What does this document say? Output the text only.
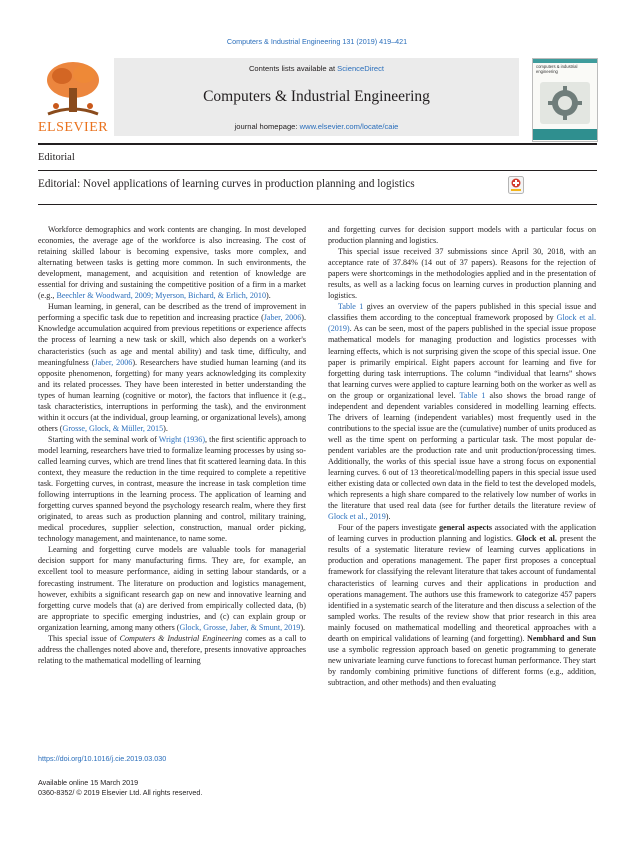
Computers & Industrial Engineering 131 (2019) 419–421
ELSEVIER
Contents lists available at ScienceDirect
Computers & Industrial Engineering
journal homepage: www.elsevier.com/locate/caie
computers & industrial engineering
Editorial
Editorial: Novel applications of learning curves in production planning and logistics

Workforce demographics and work contents are changing. In most developed economies, the average age of the workforce is also increasing. The cost of retaining skilled labour is becoming expensive, tasks more complex, and alternating between tasks is getting more common. In such environments, the development, management, and acquisition and retention of knowledge are essential for driving and sustaining the competitive position of a firm in a market (e.g., Beechler & Woodward, 2009; Myerson, Bichard, & Erlich, 2010).

Human learning, in general, can be described as the trend of improvement in performing a specific task due to repetition and increasing practice (Jaber, 2006). Knowledge accumulation acquired from previous repetitions or experience affects the process of learning a new task or skill, which also depends on a worker's characteristics (such as age and mental ability) and task time, difficulty, and meaningfulness (Jaber, 2006). Researchers have studied human learning (and its opposite phenomenon, forgetting) for many years acknowledging its complexity and its related processes. They have been interested in better understanding the types of human learning (cognitive or motor), the factors that influence it (e.g., task characteristics, interruptions in performing the task), and the environment within it occurs (at the individual, group learning, or organizational levels), among others (Grosse, Glock, & Müller, 2015).

Starting with the seminal work of Wright (1936), the first scientific approach to model learning, researchers have tried to formalize learning processes by using so-called learning curves, which are trend lines that fit scattered learning data. In this context, they measure the reduction in the time required to complete a repetitive task. Forgetting curves, in contrast, measure the increase in task completion time following interruptions in the learning process. The application of learning and forgetting curves spanned beyond the psychology research realm, where they first originated, to areas such as production planning and control, military training, medical procedures, supplier selection, construction, manual order picking, technology management, and maintenance, to name some.

Learning and forgetting curve models are valuable tools for managerial decision support for many manufacturing firms. They are, for example, an excellent tool to measure performance, aiding in setting labour standards, or a forecasting instrument. The literature on production and logistics management, however, exhibits a significant research gap on new and innovative learning and forgetting curve models that (a) are derived from empirically collected data, (b) are appropriate to specific emerging industries, and (c) can explain group or organization learning, among many others (Glock, Grosse, Jaber, & Smunt, 2019).

This special issue of Computers & Industrial Engineering comes as a call to address the challenges noted above and, therefore, presents innovative approaches relating to the mathematical modelling of learning

and forgetting curves for decision support models with a particular focus on production planning and logistics.

This special issue received 37 submissions since April 30, 2018, with an acceptance rate of 37.84% (14 out of 37 papers). Reasons for the rejection of papers were shortcomings in the methodologies applied and in the presentation of results, as well as a lacking focus on learning curves in production planning and logistics.

Table 1 gives an overview of the papers published in this special issue and classifies them according to the conceptual framework proposed by Glock et al. (2019). As can be seen, most of the papers published in the special issue propose mathematical models for managing production and logistics processes with learning effects, which is not surprising given the scope of this special issue. One paper is primarily empirical. Eight papers account for learning and five for forgetting during task interruptions. The column “individual that learns” shows that learning curves were applied to capture learning both on the worker as well as on the group or organizational level. Table 1 also shows the broad range of independent and dependent variables considered in modelling learning effects. The drivers of learning (independent variables) most frequently used in the contributions to the special issue are the (cumulative) number of units produced as well as the time spent on performing a particular task. The most popular dependent variables are the production rate and unit production/processing times. Additionally, the works of this special issue have a strong focus on exponential learning curves. 6 out of 13 theoretical/modelling papers in this special issue used either existing data or collected own data in the field to test the developed models, which represents a high share compared to the relatively low number of works in the literature that used real data (see for further details the literature review of Glock et al., 2019).

Four of the papers investigate general aspects associated with the application of learning curves in production planning and logistics. Glock et al. present the results of a systematic literature review of learning curves applications in production and operations management. The paper first proposes a conceptual framework for classifying the relevant literature that takes account of fundamental characteristics of learning curves and their applications in production and operations management. The authors use this framework to categorize 457 papers identified in a systematic search of the literature and then discuss a selection of the sampled works. The results of the review show that prior research in this area mainly focused on mathematical modelling and theoretical approaches with a dearth on empirical validations of learning (and forgetting). Nembhard and Sun use a symbolic regression approach based on genetic programming to generate new univariate learning curve functions to forecast human performance. They start by randomly combining primitive functions of different forms (e.g., addition, subtraction, and other methods) and then evaluating

https://doi.org/10.1016/j.cie.2019.03.030
Available online 15 March 2019
0360-8352/ © 2019 Elsevier Ltd. All rights reserved.
